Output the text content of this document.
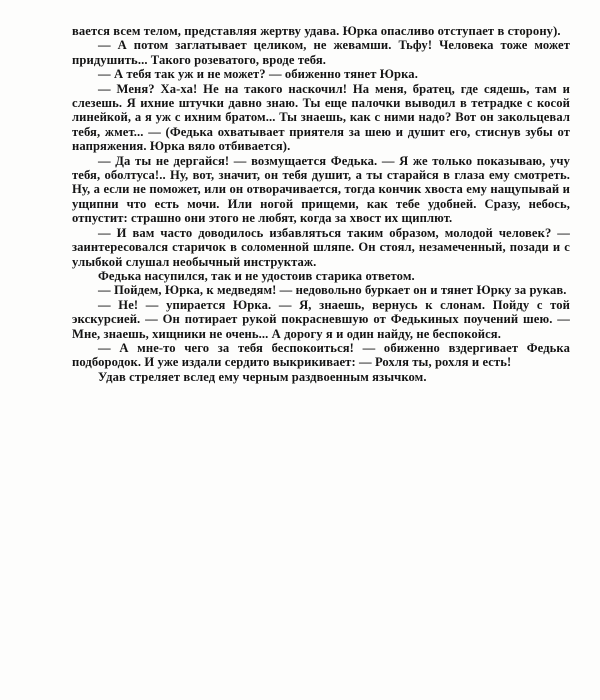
вается всем телом, представляя жертву удава. Юрка опасливо отступает в сторону).

— А потом заглатывает целиком, не жевамши. Тьфу! Человека тоже может придушить... Такого розеватого, вроде тебя.

— А тебя так уж и не может? — обиженно тянет Юрка.

— Меня? Ха-ха! Не на такого наскочил! На меня, братец, где сядешь, там и слезешь. Я ихние штучки давно знаю. Ты еще палочки выводил в тетрадке с косой линейкой, а я уж с ихним братом... Ты знаешь, как с ними надо? Вот он закольцевал тебя, жмет... — (Федька охватывает приятеля за шею и душит его, стиснув зубы от напряжения. Юрка вяло отбивается).

— Да ты не дергайся! — возмущается Федька. — Я же только показываю, учу тебя, оболтуса!.. Ну, вот, значит, он тебя душит, а ты старайся в глаза ему смотреть. Ну, а если не поможет, или он отворачивается, тогда кончик хвоста ему нащупывай и ущипни что есть мочи. Или ногой прищеми, как тебе удобней. Сразу, небось, отпустит: страшно они этого не любят, когда за хвост их щиплют.

— И вам часто доводилось избавляться таким образом, молодой человек? — заинтересовался старичок в соломенной шляпе. Он стоял, незамеченный, позади и с улыбкой слушал необычный инструктаж.

Федька насупился, так и не удостоив старика ответом.

— Пойдем, Юрка, к медведям! — недовольно буркает он и тянет Юрку за рукав.

— Не! — упирается Юрка. — Я, знаешь, вернусь к слонам. Пойду с той экскурсией. — Он потирает рукой покрасневшую от Федькиных поучений шею. — Мне, знаешь, хищники не очень... А дорогу я и один найду, не беспокойся.

— А мне-то чего за тебя беспокоиться! — обиженно вздергивает Федька подбородок. И уже издали сердито выкрикивает: — Рохля ты, рохля и есть!

Удав стреляет вслед ему черным раздвоенным язычком.
